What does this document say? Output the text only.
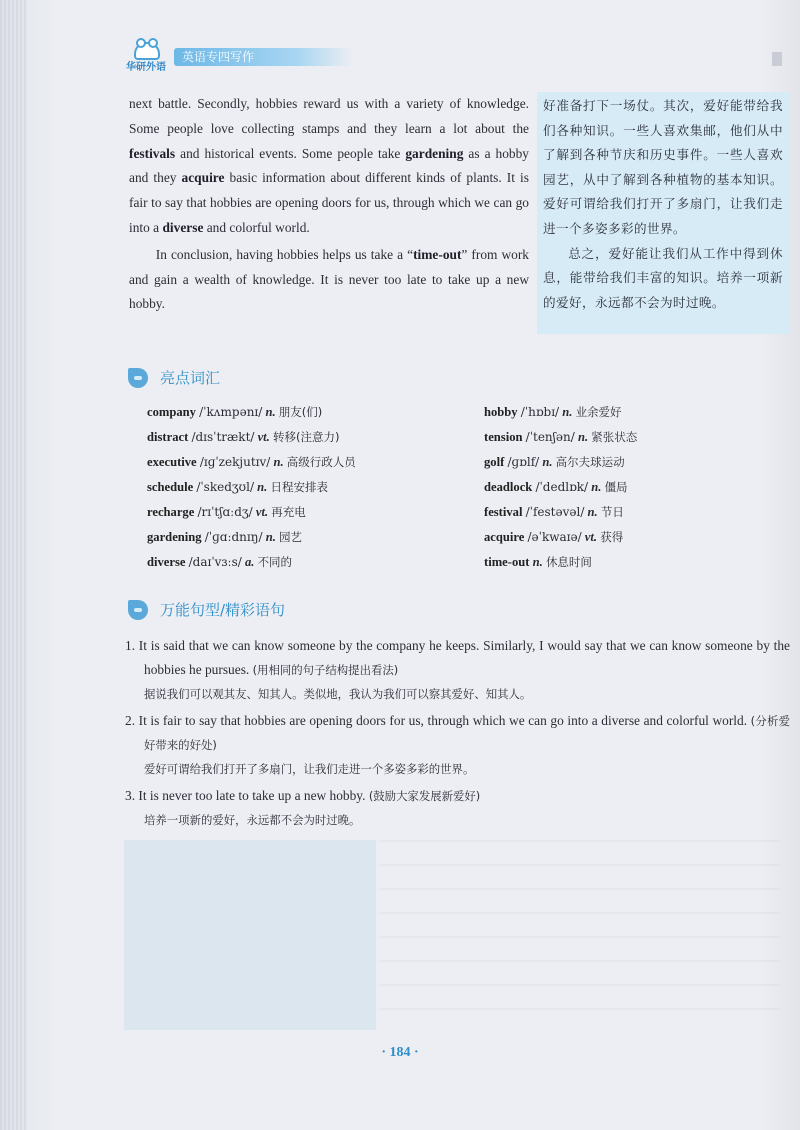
华研外语
英语专四写作

next battle. Secondly, hobbies reward us with a variety of knowledge. Some people love collecting stamps and they learn a lot about the festivals and historical events. Some people take gardening as a hobby and they acquire basic information about different kinds of plants. It is fair to say that hobbies are opening doors for us, through which we can go into a diverse and colorful world.

In conclusion, having hobbies helps us take a “time-out” from work and gain a wealth of knowledge. It is never too late to take up a new hobby.

好准备打下一场仗。其次，爱好能带给我们各种知识。一些人喜欢集邮，他们从中了解到各种节庆和历史事件。一些人喜欢园艺，从中了解到各种植物的基本知识。爱好可谓给我们打开了多扇门，让我们走进一个多姿多彩的世界。

总之，爱好能让我们从工作中得到休息，能带给我们丰富的知识。培养一项新的爱好，永远都不会为时过晚。

亮点词汇
company /ˈkʌmpənɪ/ n. 朋友(们)
distract /dɪsˈtrækt/ vt. 转移(注意力)
executive /ɪɡˈzekjutɪv/ n. 高级行政人员
schedule /ˈskedʒʊl/ n. 日程安排表
recharge /rɪˈtʃɑːdʒ/ vt. 再充电
gardening /ˈɡɑːdnɪŋ/ n. 园艺
diverse /daɪˈvɜːs/ a. 不同的
hobby /ˈhɒbɪ/ n. 业余爱好
tension /ˈtenʃən/ n. 紧张状态
golf /ɡɒlf/ n. 高尔夫球运动
deadlock /ˈdedlɒk/ n. 僵局
festival /ˈfestəvəl/ n. 节日
acquire /əˈkwaɪə/ vt. 获得
time-out n. 休息时间
万能句型/精彩语句
1. It is said that we can know someone by the company he keeps. Similarly, I would say that we can know someone by the hobbies he pursues. (用相同的句子结构提出看法)
据说我们可以观其友、知其人。类似地，我认为我们可以察其爱好、知其人。
2. It is fair to say that hobbies are opening doors for us, through which we can go into a diverse and colorful world. (分析爱好带来的好处)
爱好可谓给我们打开了多扇门，让我们走进一个多姿多彩的世界。
3. It is never too late to take up a new hobby. (鼓励大家发展新爱好)
培养一项新的爱好，永远都不会为时过晚。
· 184 ·
